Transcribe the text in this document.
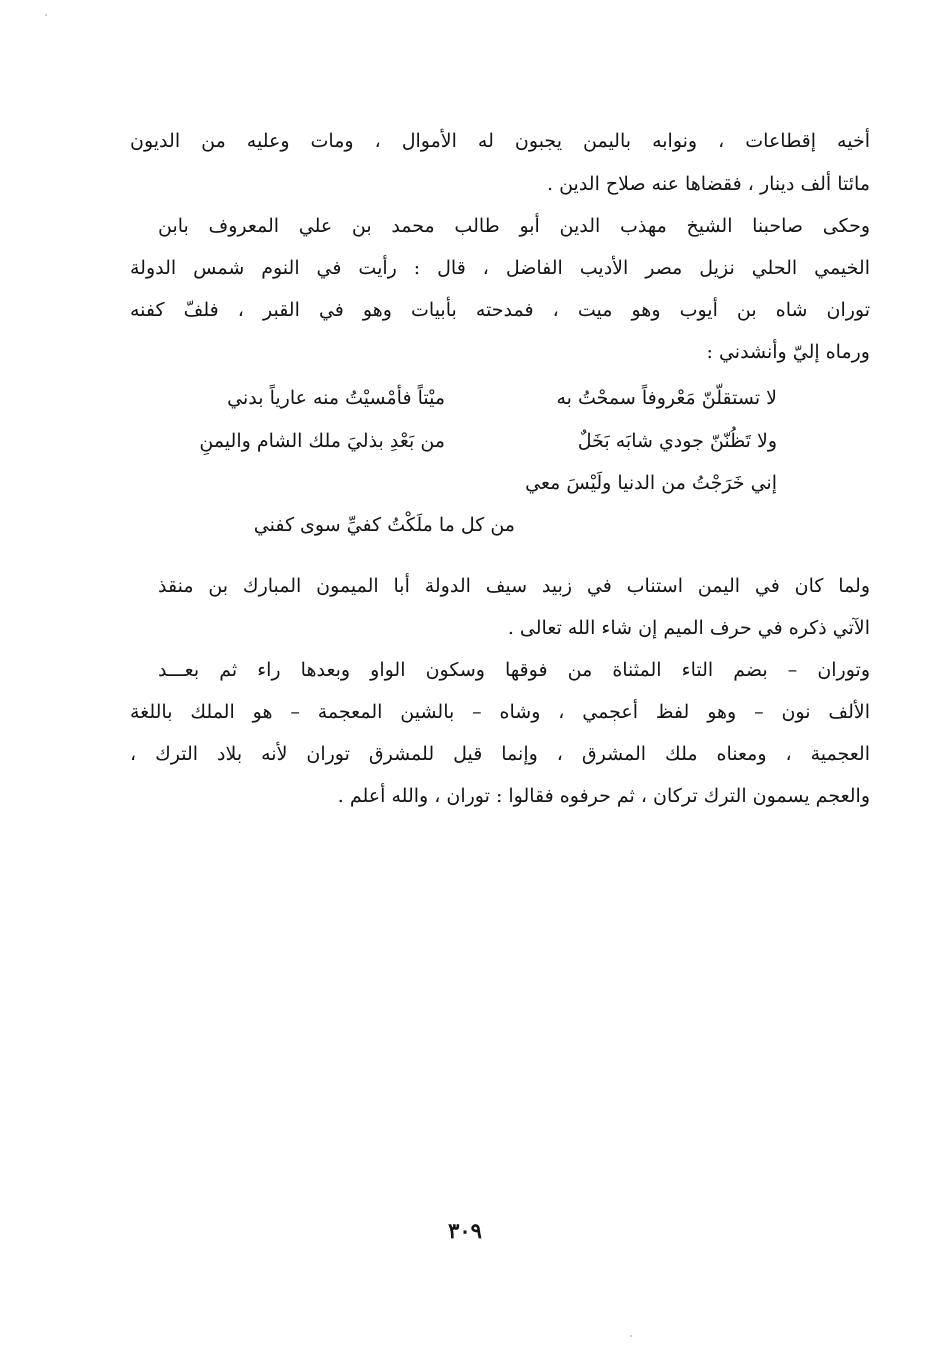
أخيه إقطاعات ، ونوابه باليمن يجبون له الأموال ، ومات وعليه من الديون
مائتا ألف دينار ، فقضاها عنه صلاح الدين .
وحكى صاحبنا الشيخ مهذب الدين أبو طالب محمد بن علي المعروف بابن
الخيمي الحلي نزيل مصر الأديب الفاضل ، قال : رأيت في النوم شمس الدولة
توران شاه بن أيوب وهو ميت ، فمدحته بأبيات وهو في القبر ، فلفّ كفنه
ورماه إليّ وأنشدني :
لا تستقلّنّ مَعْروفاً سمحْتُ به
ميْتاً فأمْسيْتُ منه عارياً بدني
ولا تَظُنّنّ جودي شابَه بَخَلٌ
من بَعْدِ بذليَ ملك الشام واليمنِ
إني خَرَجْتُ من الدنيا ولَيْسَ معي
من كل ما ملَكْتُ كفيِّ سوى كفني
ولما كان في اليمن استناب في زبيد سيف الدولة أبا الميمون المبارك بن منقذ
الآتي ذكره في حرف الميم إن شاء الله تعالى .
وتوران – بضم التاء المثناة من فوقها وسكون الواو وبعدها راء ثم بعـــد
الألف نون – وهو لفظ أعجمي ، وشاه – بالشين المعجمة – هو الملك باللغة
العجمية ، ومعناه ملك المشرق ، وإنما قيل للمشرق توران لأنه بلاد الترك ،
والعجم يسمون الترك تركان ، ثم حرفوه فقالوا : توران ، والله أعلم .
٣٠٩
